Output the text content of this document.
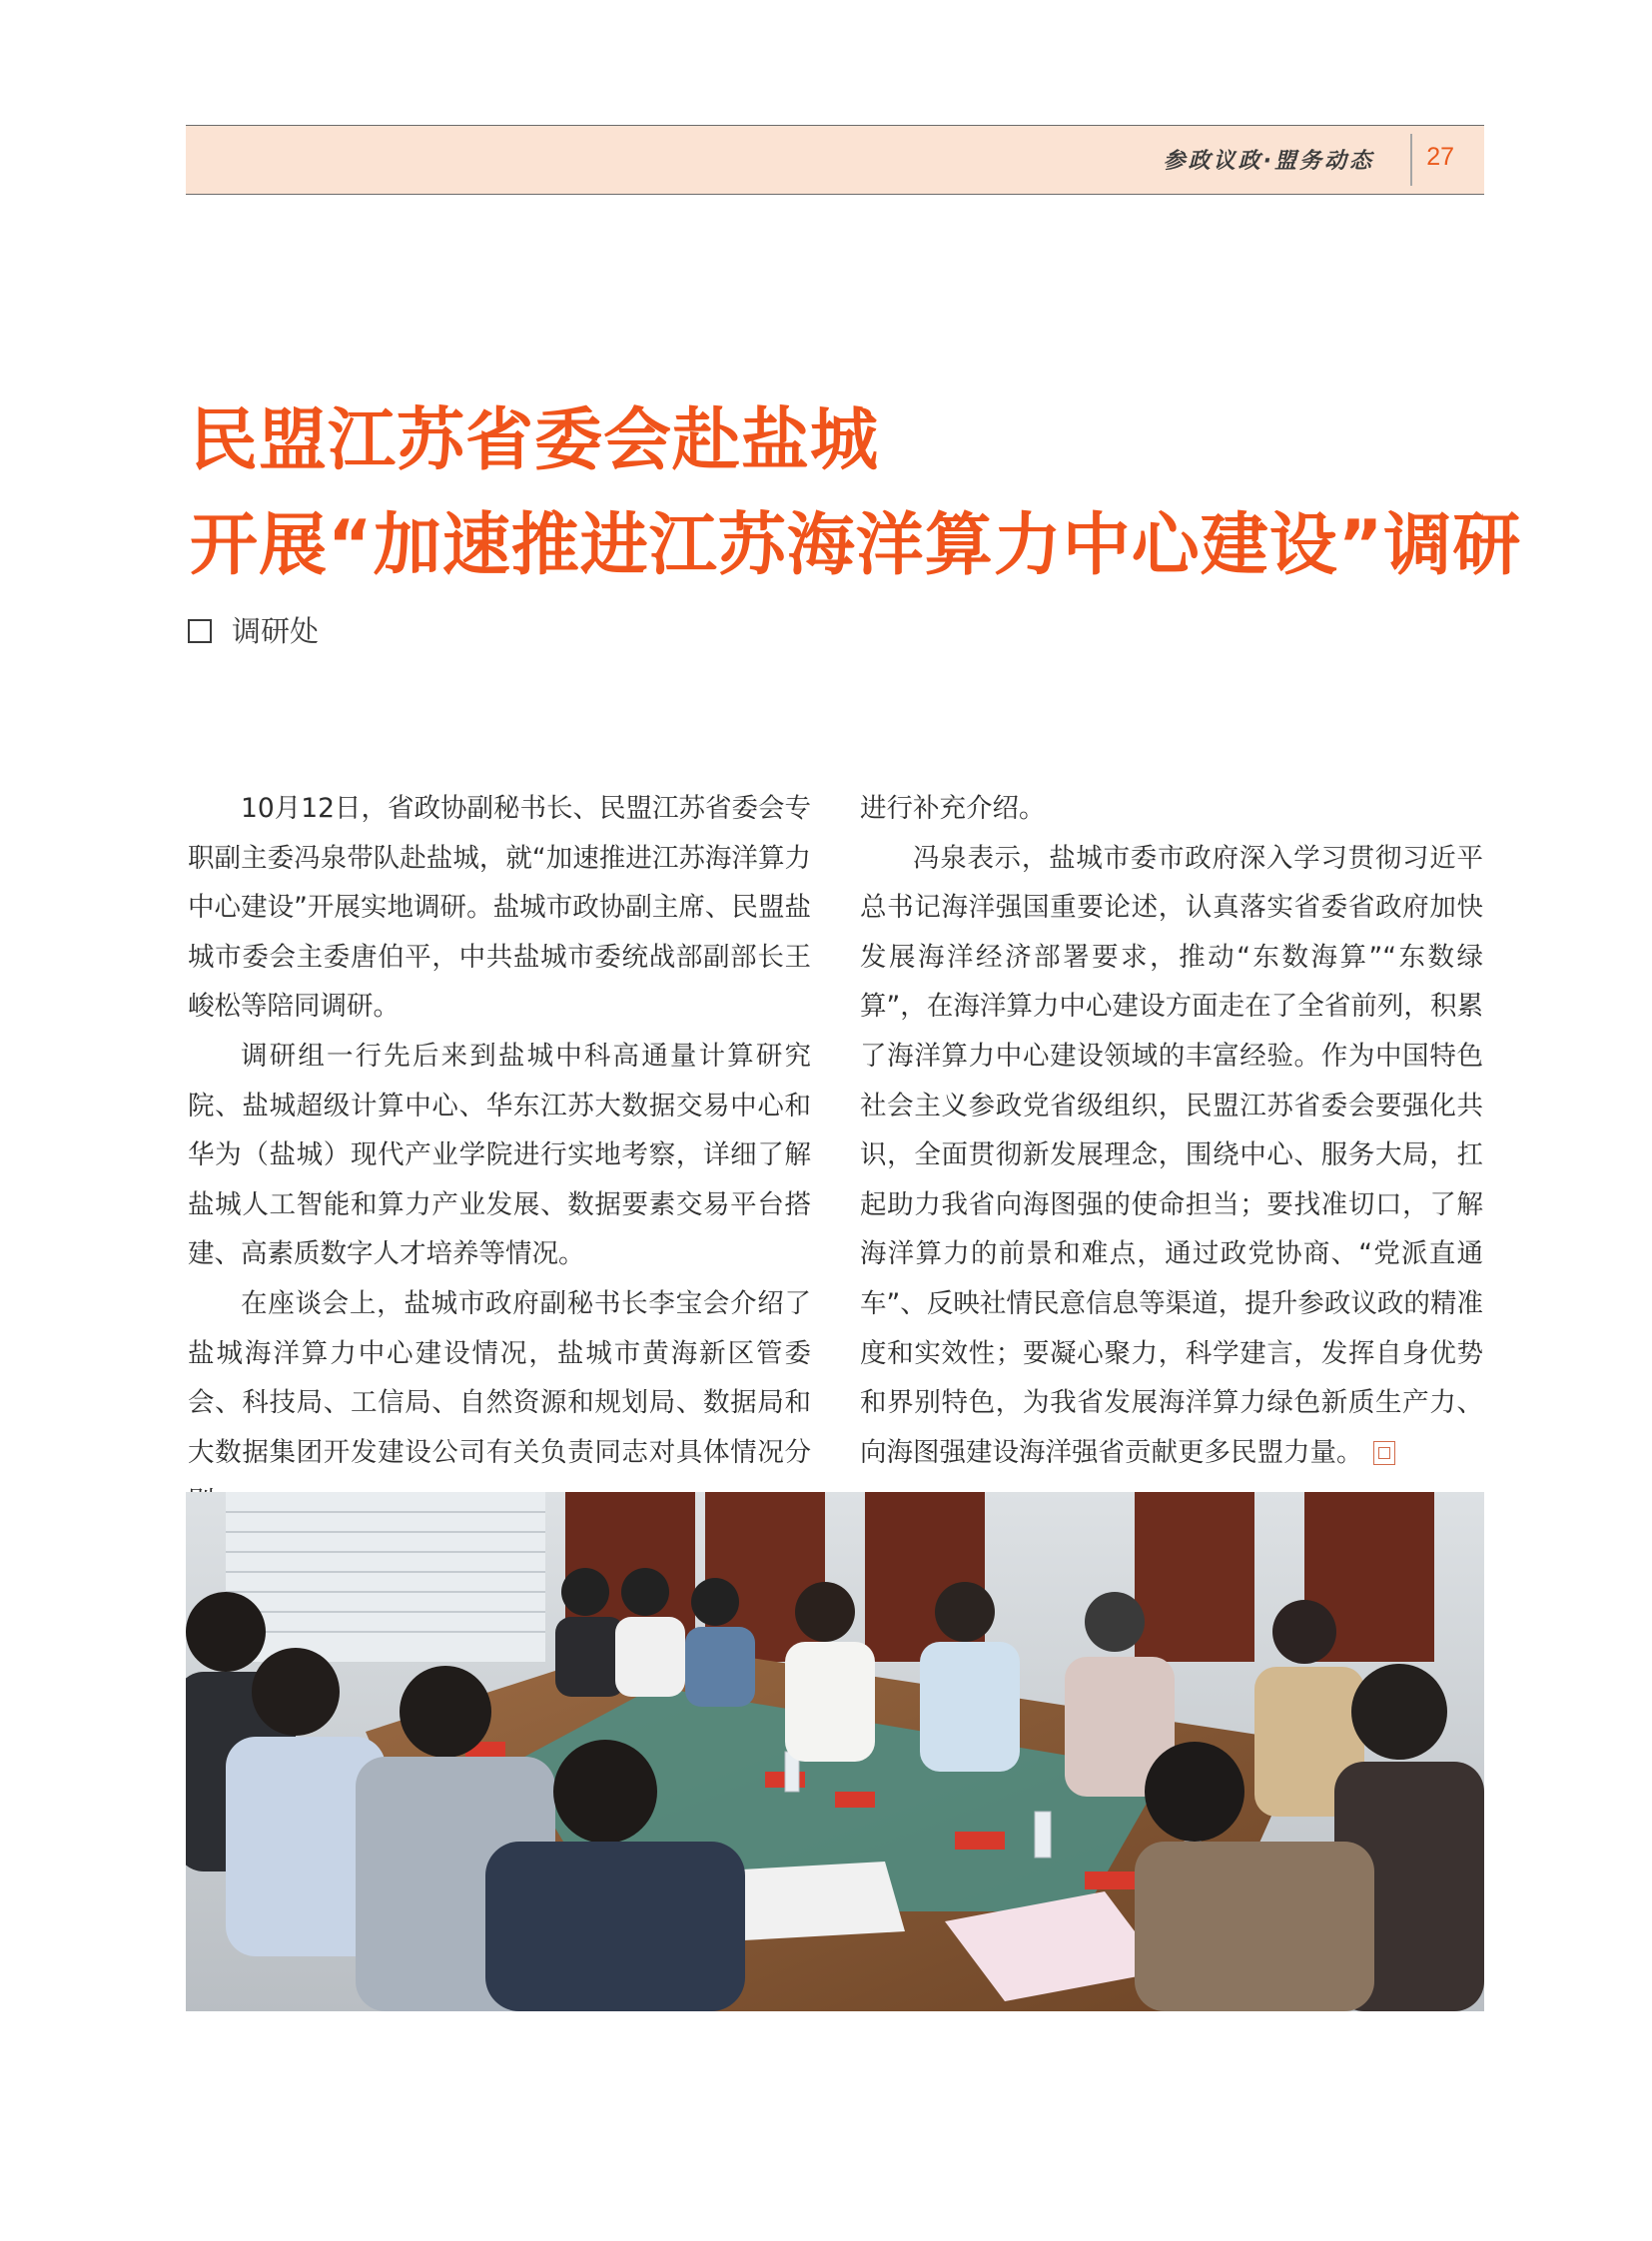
参政议政·盟务动态 27
民盟江苏省委会赴盐城
开展“加速推进江苏海洋算力中心建设”调研
调研处

10月12日，省政协副秘书长、民盟江苏省委会专职副主委冯泉带队赴盐城，就“加速推进江苏海洋算力中心建设”开展实地调研。盐城市政协副主席、民盟盐城市委会主委唐伯平，中共盐城市委统战部副部长王峻松等陪同调研。

调研组一行先后来到盐城中科高通量计算研究院、盐城超级计算中心、华东江苏大数据交易中心和华为（盐城）现代产业学院进行实地考察，详细了解盐城人工智能和算力产业发展、数据要素交易平台搭建、高素质数字人才培养等情况。

在座谈会上，盐城市政府副秘书长李宝会介绍了盐城海洋算力中心建设情况，盐城市黄海新区管委会、科技局、工信局、自然资源和规划局、数据局和大数据集团开发建设公司有关负责同志对具体情况分

进行补充介绍。

冯泉表示，盐城市委市政府深入学习贯彻习近平总书记海洋强国重要论述，认真落实省委省政府加快发展海洋经济部署要求，推动“东数海算”“东数绿算”，在海洋算力中心建设方面走在了全省前列，积累了海洋算力中心建设领域的丰富经验。作为中国特色社会主义参政党省级组织，民盟江苏省委会要强化共识，全面贯彻新发展理念，围绕中心、服务大局，扛起助力我省向海图强的使命担当；要找准切口，了解海洋算力的前景和难点，通过政党协商、“党派直通车”、反映社情民意信息等渠道，提升参政议政的精准度和实效性；要凝心聚力，科学建言，发挥自身优势和界别特色，为我省发展海洋算力绿色新质生产力、向海图强建设海洋强省贡献更多民盟力量。
